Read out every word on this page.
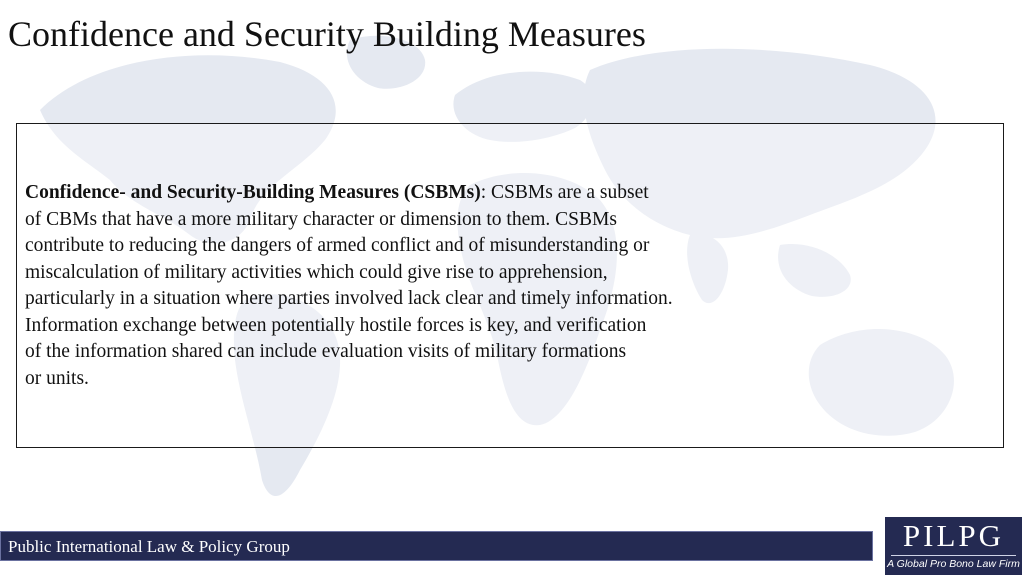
Confidence and Security Building Measures

Confidence- and Security-Building Measures (CSBMs): CSBMs are a subset
of CBMs that have a more military character or dimension to them. CSBMs
contribute to reducing the dangers of armed conflict and of misunderstanding or
miscalculation of military activities which could give rise to apprehension,
particularly in a situation where parties involved lack clear and timely information.
Information exchange between potentially hostile forces is key, and verification
of the information shared can include evaluation visits of military formations
or units.

Public International Law & Policy Group	PILPG
A Global Pro Bono Law Firm
